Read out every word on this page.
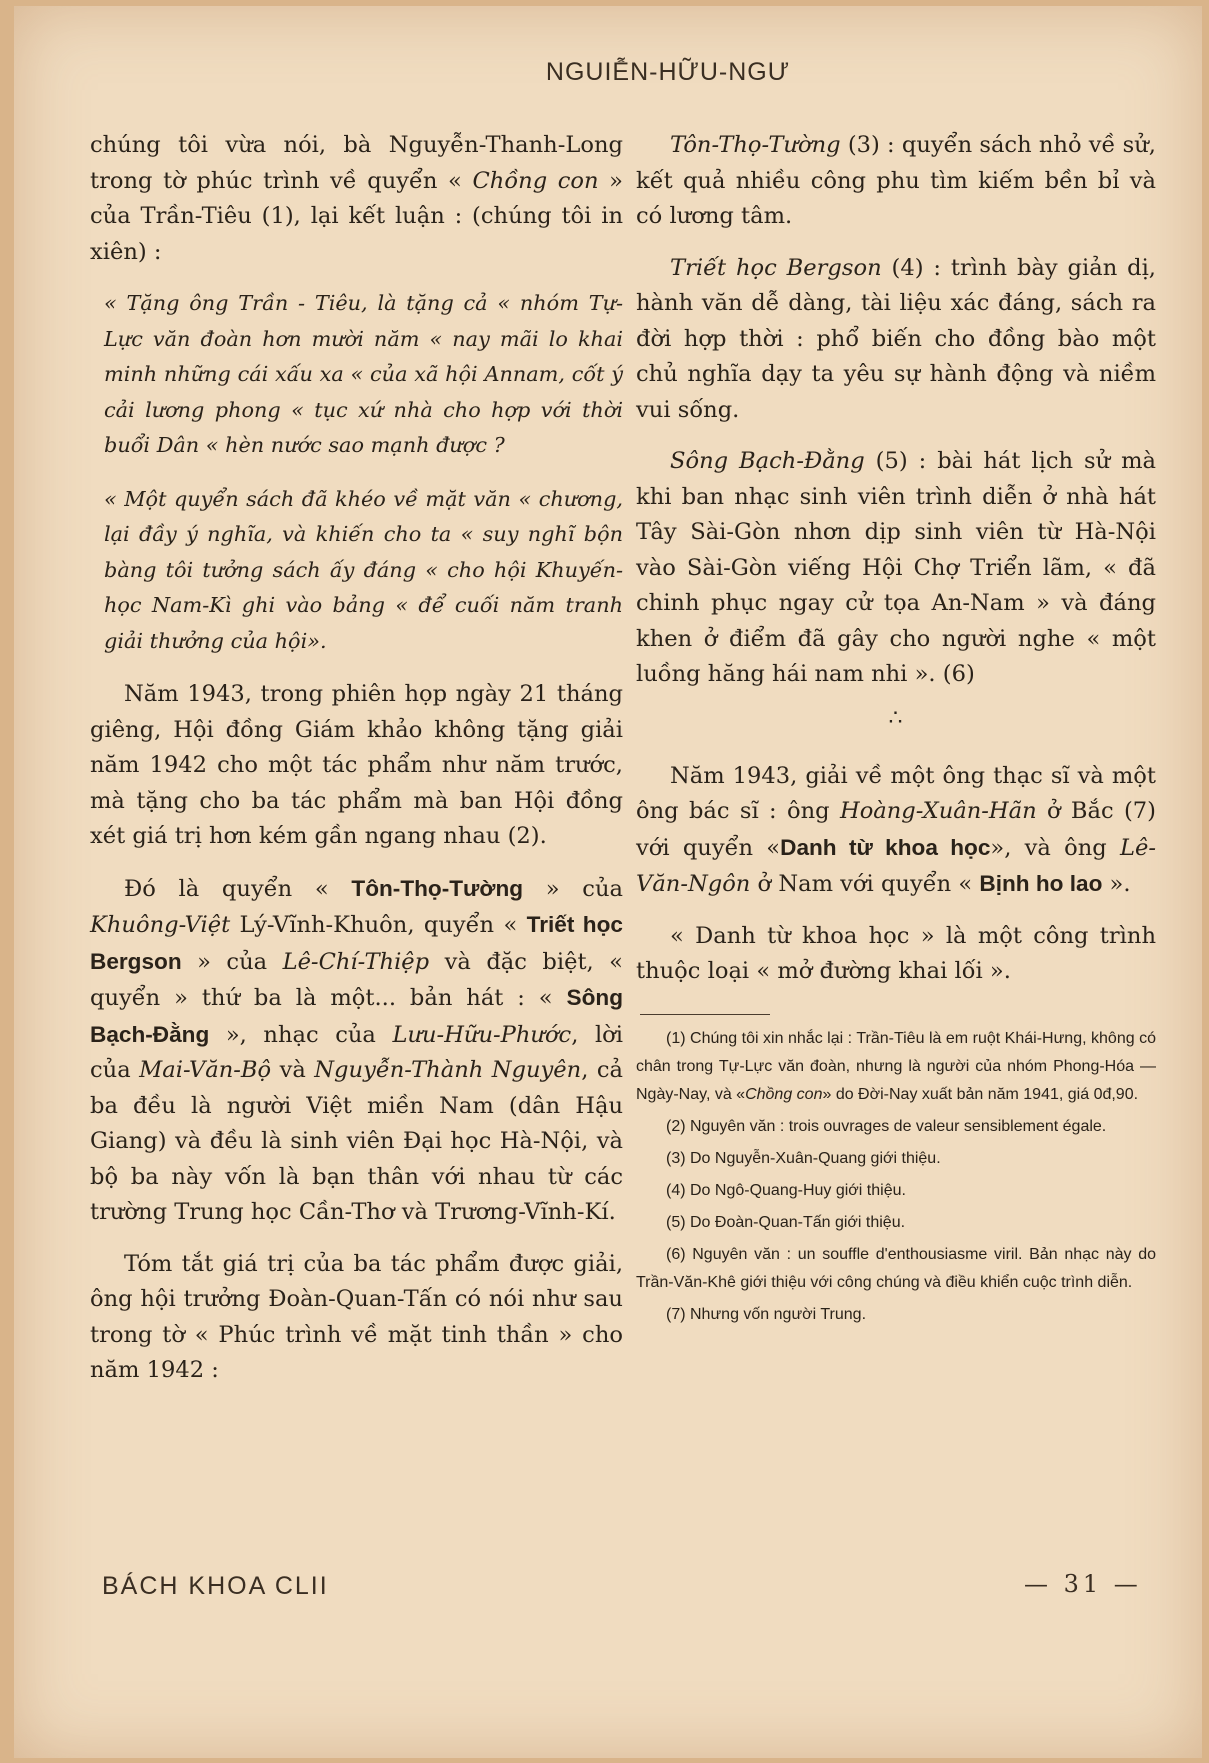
NGUIỄN-HỮU-NGƯ

chúng tôi vừa nói, bà Nguyễn-Thanh-Long trong tờ phúc trình về quyển « Chồng con » của Trần-Tiêu (1), lại kết luận : (chúng tôi in xiên) :

« Tặng ông Trần - Tiêu, là tặng cả « nhóm Tự-Lực văn đoàn hơn mười năm « nay mãi lo khai minh những cái xấu xa « của xã hội Annam, cốt ý cải lương phong « tục xứ nhà cho hợp với thời buổi Dân « hèn nước sao mạnh được ?
« Một quyển sách đã khéo về mặt văn « chương, lại đầy ý nghĩa, và khiến cho ta « suy nghĩ bộn bàng tôi tưởng sách ấy đáng « cho hội Khuyến-học Nam-Kì ghi vào bảng « để cuối năm tranh giải thưởng của hội».

Năm 1943, trong phiên họp ngày 21 tháng giêng, Hội đồng Giám khảo không tặng giải năm 1942 cho một tác phẩm như năm trước, mà tặng cho ba tác phẩm mà ban Hội đồng xét giá trị hơn kém gần ngang nhau (2).

Đó là quyển « Tôn-Thọ-Tường » của Khuông-Việt Lý-Vĩnh-Khuôn, quyển « Triết học Bergson » của Lê-Chí-Thiệp và đặc biệt, « quyển » thứ ba là một... bản hát : « Sông Bạch-Đằng », nhạc của Lưu-Hữu-Phước, lời của Mai-Văn-Bộ và Nguyễn-Thành Nguyên, cả ba đều là người Việt miền Nam (dân Hậu Giang) và đều là sinh viên Đại học Hà-Nội, và bộ ba này vốn là bạn thân với nhau từ các trường Trung học Cần-Thơ và Trương-Vĩnh-Kí.

Tóm tắt giá trị của ba tác phẩm được giải, ông hội trưởng Đoàn-Quan-Tấn có nói như sau trong tờ « Phúc trình về mặt tinh thần » cho năm 1942 :

Tôn-Thọ-Tường (3) : quyển sách nhỏ về sử, kết quả nhiều công phu tìm kiếm bền bỉ và có lương tâm.

Triết học Bergson (4) : trình bày giản dị, hành văn dễ dàng, tài liệu xác đáng, sách ra đời hợp thời : phổ biến cho đồng bào một chủ nghĩa dạy ta yêu sự hành động và niềm vui sống.

Sông Bạch-Đằng (5) : bài hát lịch sử mà khi ban nhạc sinh viên trình diễn ở nhà hát Tây Sài-Gòn nhơn dịp sinh viên từ Hà-Nội vào Sài-Gòn viếng Hội Chợ Triển lãm, « đã chinh phục ngay cử tọa An-Nam » và đáng khen ở điểm đã gây cho người nghe « một luồng hăng hái nam nhi ». (6)

∴

Năm 1943, giải về một ông thạc sĩ và một ông bác sĩ : ông Hoàng-Xuân-Hãn ở Bắc (7) với quyển «Danh từ khoa học», và ông Lê-Văn-Ngôn ở Nam với quyển « Bịnh ho lao ».

« Danh từ khoa học » là một công trình thuộc loại « mở đường khai lối ».

(1) Chúng tôi xin nhắc lại : Trần-Tiêu là em ruột Khái-Hưng, không có chân trong Tự-Lực văn đoàn, nhưng là người của nhóm Phong-Hóa — Ngày-Nay, và «Chồng con» do Đời-Nay xuất bản năm 1941, giá 0đ,90.
(2) Nguyên văn : trois ouvrages de valeur sensiblement égale.
(3) Do Nguyễn-Xuân-Quang giới thiệu.
(4) Do Ngô-Quang-Huy giới thiệu.
(5) Do Đoàn-Quan-Tấn giới thiệu.
(6) Nguyên văn : un souffle d'enthousiasme viril. Bản nhạc này do Trần-Văn-Khê giới thiệu với công chúng và điều khiển cuộc trình diễn.
(7) Nhưng vốn người Trung.
BÁCH KHOA CLII	— 31 —
